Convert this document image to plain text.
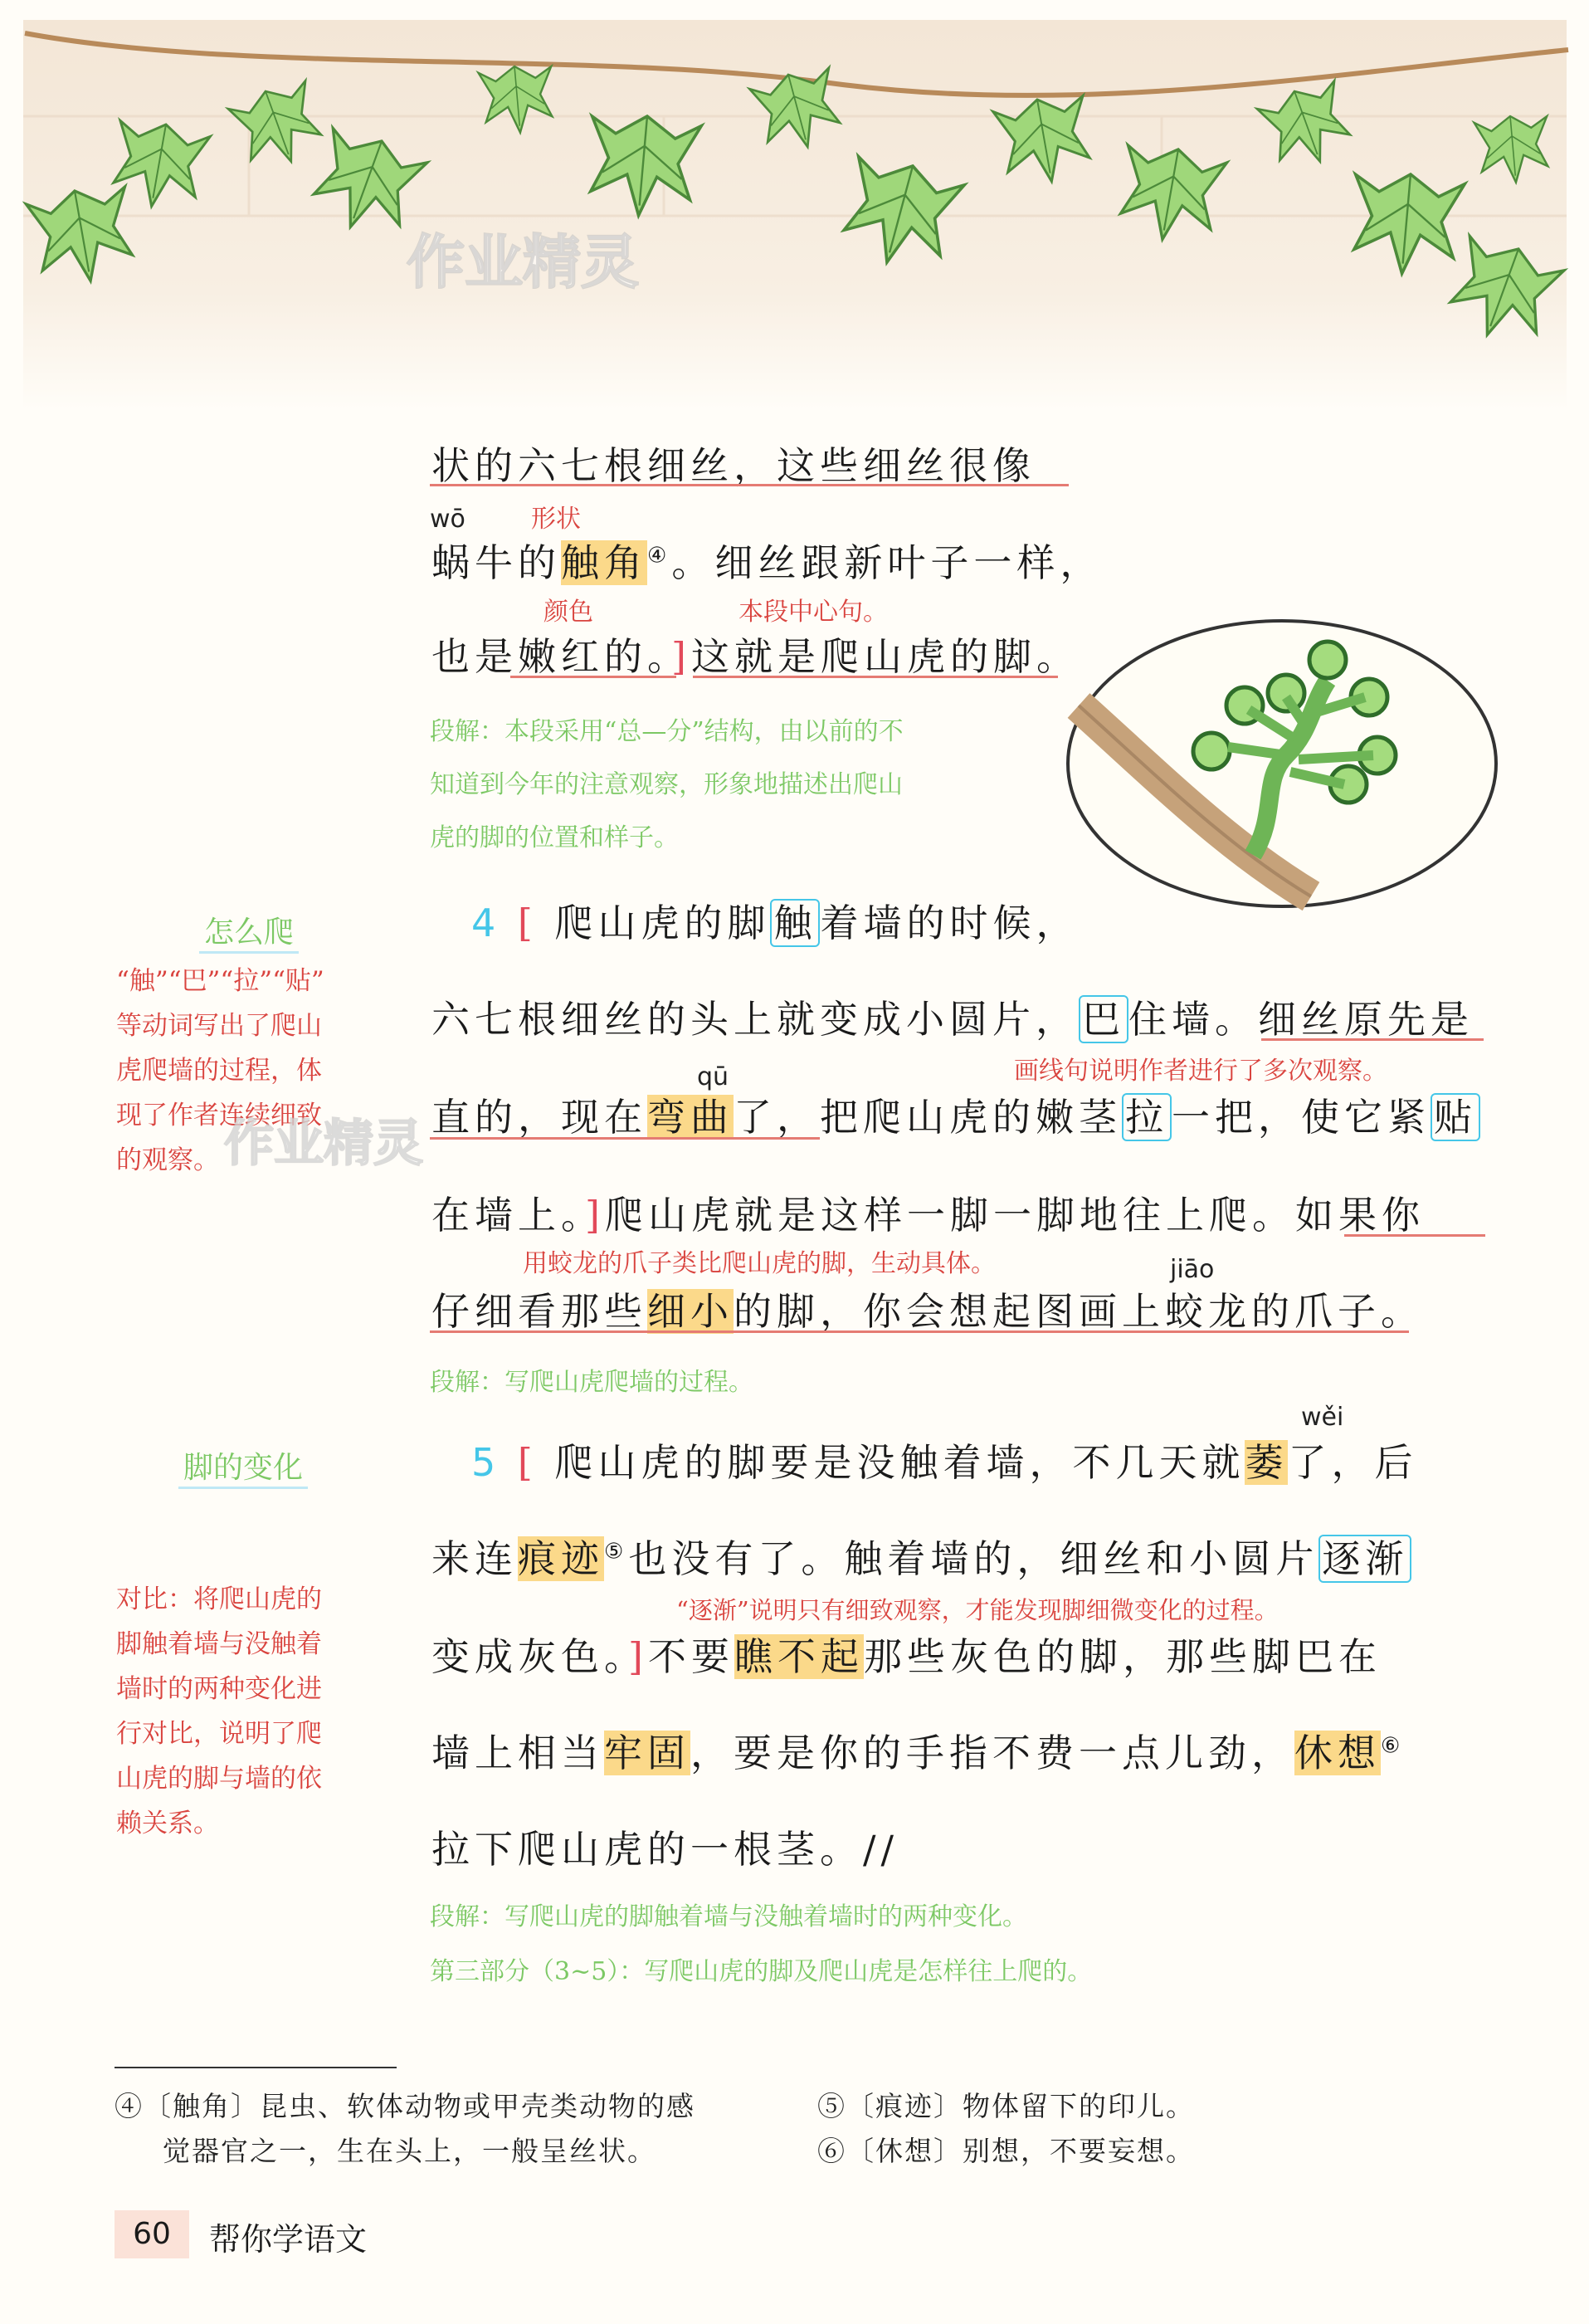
作业精灵
状的六七根细丝，这些细丝很像
wō	形状
蜗牛的触角④。细丝跟新叶子一样，
颜色	本段中心句。
也是嫩红的。]这就是爬山虎的脚。
段解：本段采用“总—分”结构，由以前的不
知道到今年的注意观察，形象地描述出爬山
虎的脚的位置和样子。
怎么爬
“触”“巴”“拉”“贴”
等动词写出了爬山
虎爬墙的过程，体
现了作者连续细致
的观察。 作业精灵
4 [ 爬山虎的脚触着墙的时候，
六七根细丝的头上就变成小圆片，巴住墙。细丝原先是
画线句说明作者进行了多次观察。
qū
直的，现在弯曲了，把爬山虎的嫩茎拉一把，使它紧贴
在墙上。]爬山虎就是这样一脚一脚地往上爬。如果你
用蛟龙的爪子类比爬山虎的脚，生动具体。	jiāo
仔细看那些细小的脚，你会想起图画上蛟龙的爪子。
段解：写爬山虎爬墙的过程。
脚的变化
对比：将爬山虎的
脚触着墙与没触着
墙时的两种变化进
行对比，说明了爬
山虎的脚与墙的依
赖关系。
wěi
5 [ 爬山虎的脚要是没触着墙，不几天就萎了，后
来连痕迹⑤也没有了。触着墙的，细丝和小圆片逐渐
“逐渐”说明只有细致观察，才能发现脚细微变化的过程。
变成灰色。]不要瞧不起那些灰色的脚，那些脚巴在
墙上相当牢固，要是你的手指不费一点儿劲，休想⑥
拉下爬山虎的一根茎。//
段解：写爬山虎的脚触着墙与没触着墙时的两种变化。
第三部分（3~5）：写爬山虎的脚及爬山虎是怎样往上爬的。
④〔触角〕昆虫、软体动物或甲壳类动物的感
觉器官之一，生在头上，一般呈丝状。
⑤〔痕迹〕物体留下的印儿。
⑥〔休想〕别想，不要妄想。
60	帮你学语文
